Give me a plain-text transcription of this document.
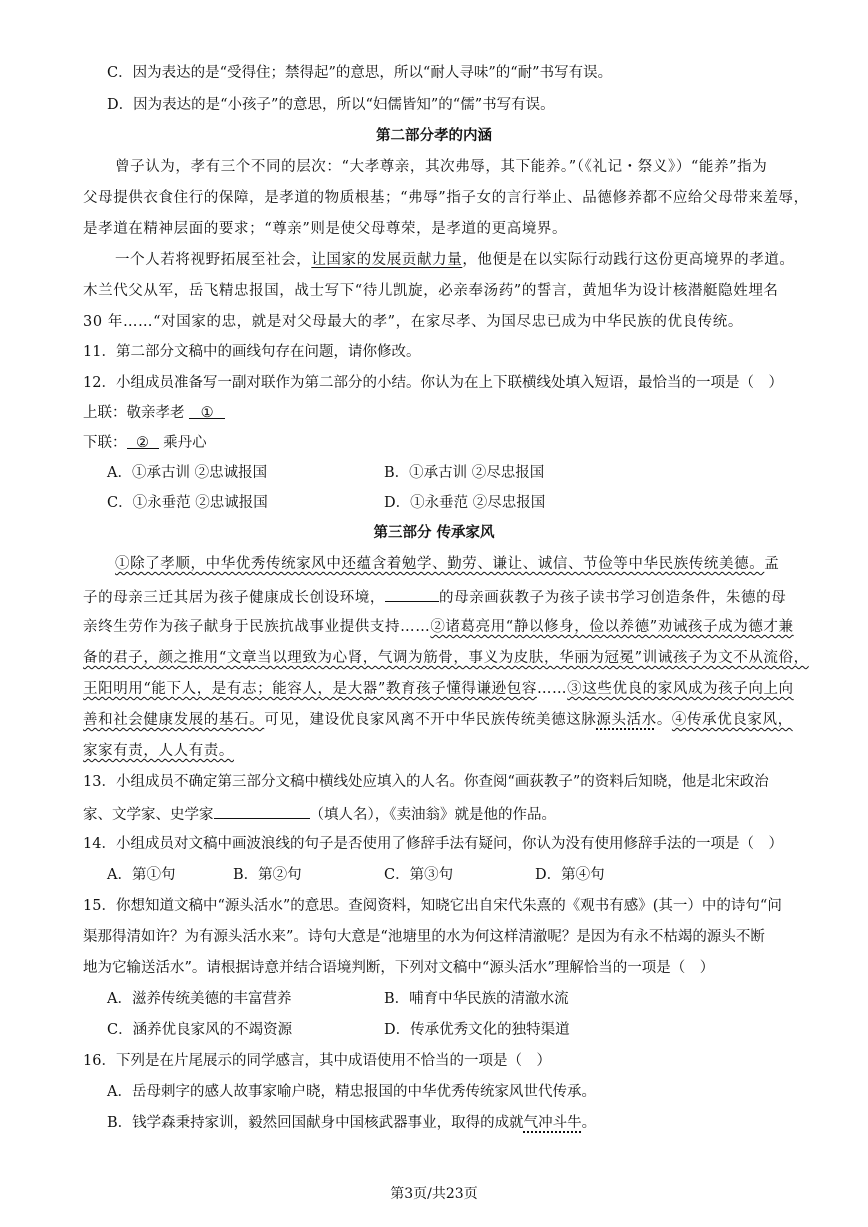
C．因为表达的是“受得住；禁得起”的意思，所以“耐人寻味”的“耐”书写有误。
D．因为表达的是“小孩子”的意思，所以“妇儒皆知”的“儒”书写有误。
第二部分孝的内涵
曾子认为，孝有三个不同的层次：“大孝尊亲，其次弗辱，其下能养。”（《礼记・祭义》）“能养”指为
父母提供衣食住行的保障，是孝道的物质根基；“弗辱”指子女的言行举止、品德修养都不应给父母带来羞辱，
是孝道在精神层面的要求；“尊亲”则是使父母尊荣，是孝道的更高境界。
一个人若将视野拓展至社会，让国家的发展贡献力量，他便是在以实际行动践行这份更高境界的孝道。
木兰代父从军，岳飞精忠报国，战士写下“待儿凯旋，必亲奉汤药”的誓言，黄旭华为设计核潜艇隐姓埋名
30 年……“对国家的忠，就是对父母最大的孝”，在家尽孝、为国尽忠已成为中华民族的优良传统。
11．第二部分文稿中的画线句存在问题，请你修改。
12．小组成员准备写一副对联作为第二部分的小结。你认为在上下联横线处填入短语，最恰当的一项是（　）
上联：敬亲孝老 ①
下联： ② 乘丹心
A．①承古训 ②忠诚报国	B．①承古训 ②尽忠报国
C．①永垂范 ②忠诚报国	D．①永垂范 ②尽忠报国
第三部分 传承家风
①除了孝顺，中华优秀传统家风中还蕴含着勉学、勤劳、谦让、诚信、节俭等中华民族传统美德。孟
子的母亲三迁其居为孩子健康成长创设环境，	的母亲画荻教子为孩子读书学习创造条件，朱德的母
亲终生劳作为孩子献身于民族抗战事业提供支持……②诸葛亮用“静以修身，俭以养德”劝诫孩子成为德才兼
备的君子，颜之推用“文章当以理致为心肾，气调为筋骨，事义为皮肤，华丽为冠冕”训诫孩子为文不从流俗，
王阳明用“能下人，是有志；能容人，是大器”教育孩子懂得谦逊包容……③这些优良的家风成为孩子向上向
善和社会健康发展的基石。可见，建设优良家风离不开中华民族传统美德这脉源头活水。④传承优良家风，
家家有责，人人有责。
13．小组成员不确定第三部分文稿中横线处应填入的人名。你查阅“画荻教子”的资料后知晓，他是北宋政治
家、文学家、史学家	（填人名），《卖油翁》就是他的作品。
14．小组成员对文稿中画波浪线的句子是否使用了修辞手法有疑问，你认为没有使用修辞手法的一项是（　）
A．第①句	B．第②句	C．第③句	D．第④句
15．你想知道文稿中“源头活水”的意思。查阅资料，知晓它出自宋代朱熹的《观书有感》(其一）中的诗句“问
渠那得清如许？为有源头活水来”。诗句大意是“池塘里的水为何这样清澈呢？是因为有永不枯竭的源头不断
地为它输送活水”。请根据诗意并结合语境判断，下列对文稿中“源头活水”理解恰当的一项是（　）
A．滋养传统美德的丰富营养	B．哺育中华民族的清澈水流
C．涵养优良家风的不竭资源	D．传承优秀文化的独特渠道
16．下列是在片尾展示的同学感言，其中成语使用不恰当的一项是（　）
A．岳母刺字的感人故事家喻户晓，精忠报国的中华优秀传统家风世代传承。
B．钱学森秉持家训，毅然回国献身中国核武器事业，取得的成就气冲斗牛。
第3页/共23页
